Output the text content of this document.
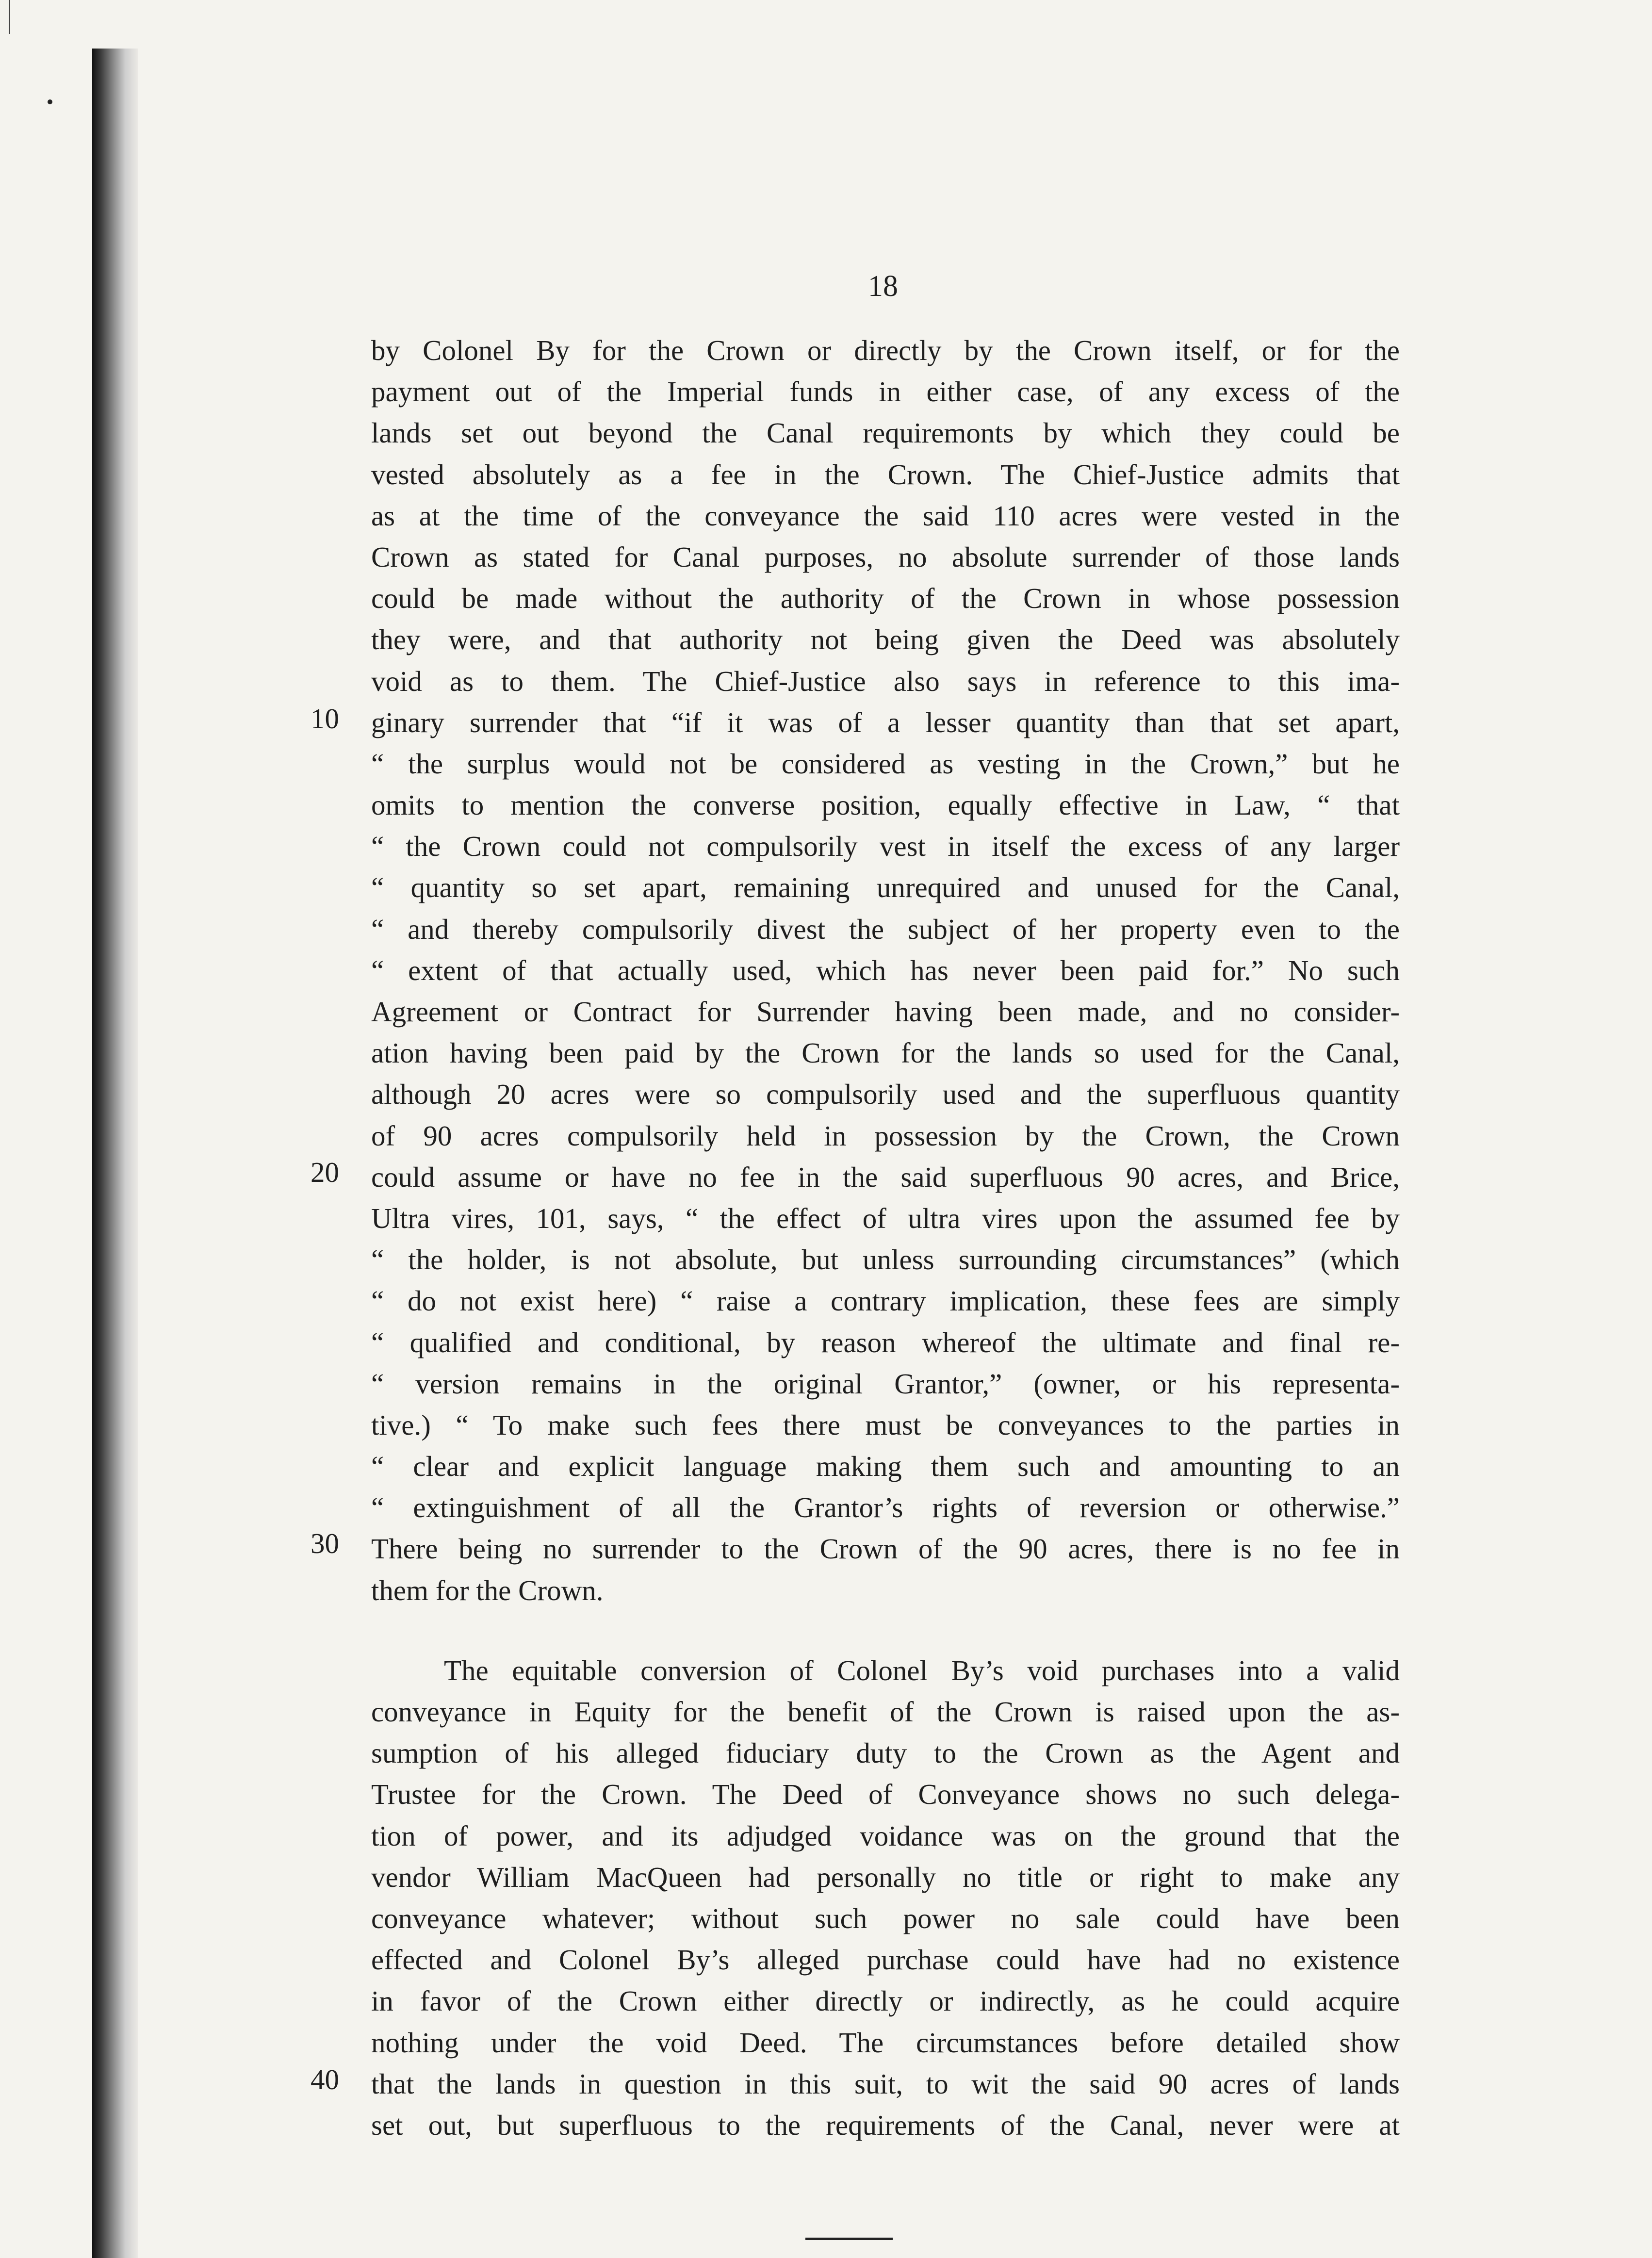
18
10
20
30
40
by Colonel By for the Crown or directly by the Crown itself, or for the
payment out of the Imperial funds in either case, of any excess of the
lands set out beyond the Canal requiremonts by which they could be
vested absolutely as a fee in the Crown. The Chief-Justice admits that
as at the time of the conveyance the said 110 acres were vested in the
Crown as stated for Canal purposes, no absolute surrender of those lands
could be made without the authority of the Crown in whose possession
they were, and that authority not being given the Deed was absolutely
void as to them. The Chief-Justice also says in reference to this ima-
ginary surrender that “if it was of a lesser quantity than that set apart,
“ the surplus would not be considered as vesting in the Crown,” but he
omits to mention the converse position, equally effective in Law, “ that
“ the Crown could not compulsorily vest in itself the excess of any larger
“ quantity so set apart, remaining unrequired and unused for the Canal,
“ and thereby compulsorily divest the subject of her property even to the
“ extent of that actually used, which has never been paid for.” No such
Agreement or Contract for Surrender having been made, and no consider-
ation having been paid by the Crown for the lands so used for the Canal,
although 20 acres were so compulsorily used and the superfluous quantity
of 90 acres compulsorily held in possession by the Crown, the Crown
could assume or have no fee in the said superfluous 90 acres, and Brice,
Ultra vires, 101, says, “ the effect of ultra vires upon the assumed fee by
“ the holder, is not absolute, but unless surrounding circumstances” (which
“ do not exist here) “ raise a contrary implication, these fees are simply
“ qualified and conditional, by reason whereof the ultimate and final re-
“ version remains in the original Grantor,” (owner, or his representa-
tive.) “ To make such fees there must be conveyances to the parties in
“ clear and explicit language making them such and amounting to an
“ extinguishment of all the Grantor’s rights of reversion or otherwise.”
There being no surrender to the Crown of the 90 acres, there is no fee in
them for the Crown.
The equitable conversion of Colonel By’s void purchases into a valid
conveyance in Equity for the benefit of the Crown is raised upon the as-
sumption of his alleged fiduciary duty to the Crown as the Agent and
Trustee for the Crown. The Deed of Conveyance shows no such delega-
tion of power, and its adjudged voidance was on the ground that the
vendor William MacQueen had personally no title or right to make any
conveyance whatever; without such power no sale could have been
effected and Colonel By’s alleged purchase could have had no existence
in favor of the Crown either directly or indirectly, as he could acquire
nothing under the void Deed. The circumstances before detailed show
that the lands in question in this suit, to wit the said 90 acres of lands
set out, but superfluous to the requirements of the Canal, never were at
